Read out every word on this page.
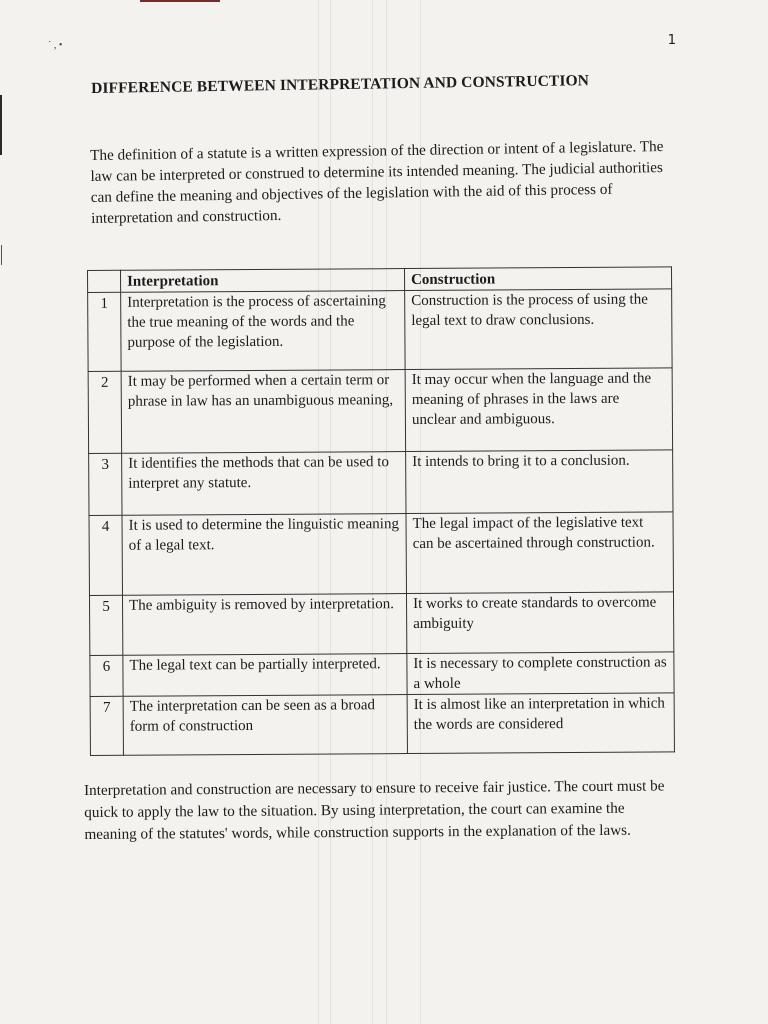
˙ , •	1
DIFFERENCE BETWEEN INTERPRETATION AND CONSTRUCTION

The definition of a statute is a written expression of the direction or intent of a legislature. The law can be interpreted or construed to determine its intended meaning. The judicial authorities can define the meaning and objectives of the legislation with the aid of this process of interpretation and construction.

	Interpretation	Construction
1	Interpretation is the process of ascertaining the true meaning of the words and the purpose of the legislation.	Construction is the process of using the legal text to draw conclusions.
2	It may be performed when a certain term or phrase in law has an unambiguous meaning,	It may occur when the language and the meaning of phrases in the laws are unclear and ambiguous.
3	It identifies the methods that can be used to interpret any statute.	It intends to bring it to a conclusion.
4	It is used to determine the linguistic meaning of a legal text.	The legal impact of the legislative text can be ascertained through construction.
5	The ambiguity is removed by interpretation.	It works to create standards to overcome ambiguity
6	The legal text can be partially interpreted.	It is necessary to complete construction as a whole
7	The interpretation can be seen as a broad form of construction	It is almost like an interpretation in which the words are considered

Interpretation and construction are necessary to ensure to receive fair justice. The court must be quick to apply the law to the situation. By using interpretation, the court can examine the meaning of the statutes' words, while construction supports in the explanation of the laws.
